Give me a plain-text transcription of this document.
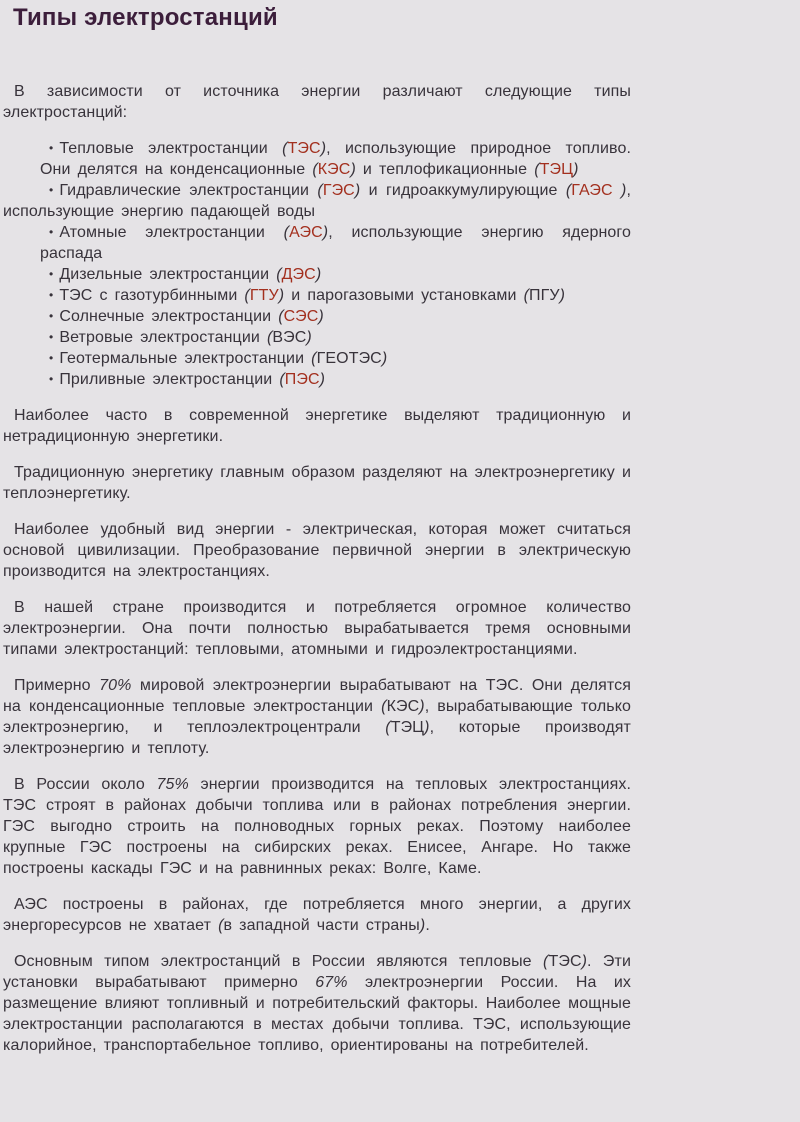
Типы электростанций

В зависимости от источника энергии различают следующие типы электростанций:

• Тепловые электростанции (ТЭС), использующие природное топливо. Они делятся на конденсационные (КЭС) и теплофикационные (ТЭЦ)
• Гидравлические электростанции (ГЭС) и гидроаккумулирующие (ГАЭС ), использующие энергию падающей воды
• Атомные электростанции (АЭС), использующие энергию ядерного распада
• Дизельные электростанции (ДЭС)
• ТЭС с газотурбинными (ГТУ) и парогазовыми установками (ПГУ)
• Солнечные электростанции (СЭС)
• Ветровые электростанции (ВЭС)
• Геотермальные электростанции (ГЕОТЭС)
• Приливные электростанции (ПЭС)

Наиболее часто в современной энергетике выделяют традиционную и нетрадиционную энергетики.

Традиционную энергетику главным образом разделяют на электроэнергетику и теплоэнергетику.

Наиболее удобный вид энергии - электрическая, которая может считаться основой цивилизации. Преобразование первичной энергии в электрическую производится на электростанциях.

В нашей стране производится и потребляется огромное количество электроэнергии. Она почти полностью вырабатывается тремя основными типами электростанций: тепловыми, атомными и гидроэлектростанциями.

Примерно 70% мировой электроэнергии вырабатывают на ТЭС. Они делятся на конденсационные тепловые электростанции (КЭС), вырабатывающие только электроэнергию, и теплоэлектроцентрали (ТЭЦ), которые производят электроэнергию и теплоту.

В России около 75% энергии производится на тепловых электростанциях. ТЭС строят в районах добычи топлива или в районах потребления энергии. ГЭС выгодно строить на полноводных горных реках. Поэтому наиболее крупные ГЭС построены на сибирских реках. Енисее, Ангаре. Но также построены каскады ГЭС и на равнинных реках: Волге, Каме.

АЭС построены в районах, где потребляется много энергии, а других энергоресурсов не хватает (в западной части страны).

Основным типом электростанций в России являются тепловые (ТЭС). Эти установки вырабатывают примерно 67% электроэнергии России. На их размещение влияют топливный и потребительский факторы. Наиболее мощные электростанции располагаются в местах добычи топлива. ТЭС, использующие калорийное, транспортабельное топливо, ориентированы на потребителей.
